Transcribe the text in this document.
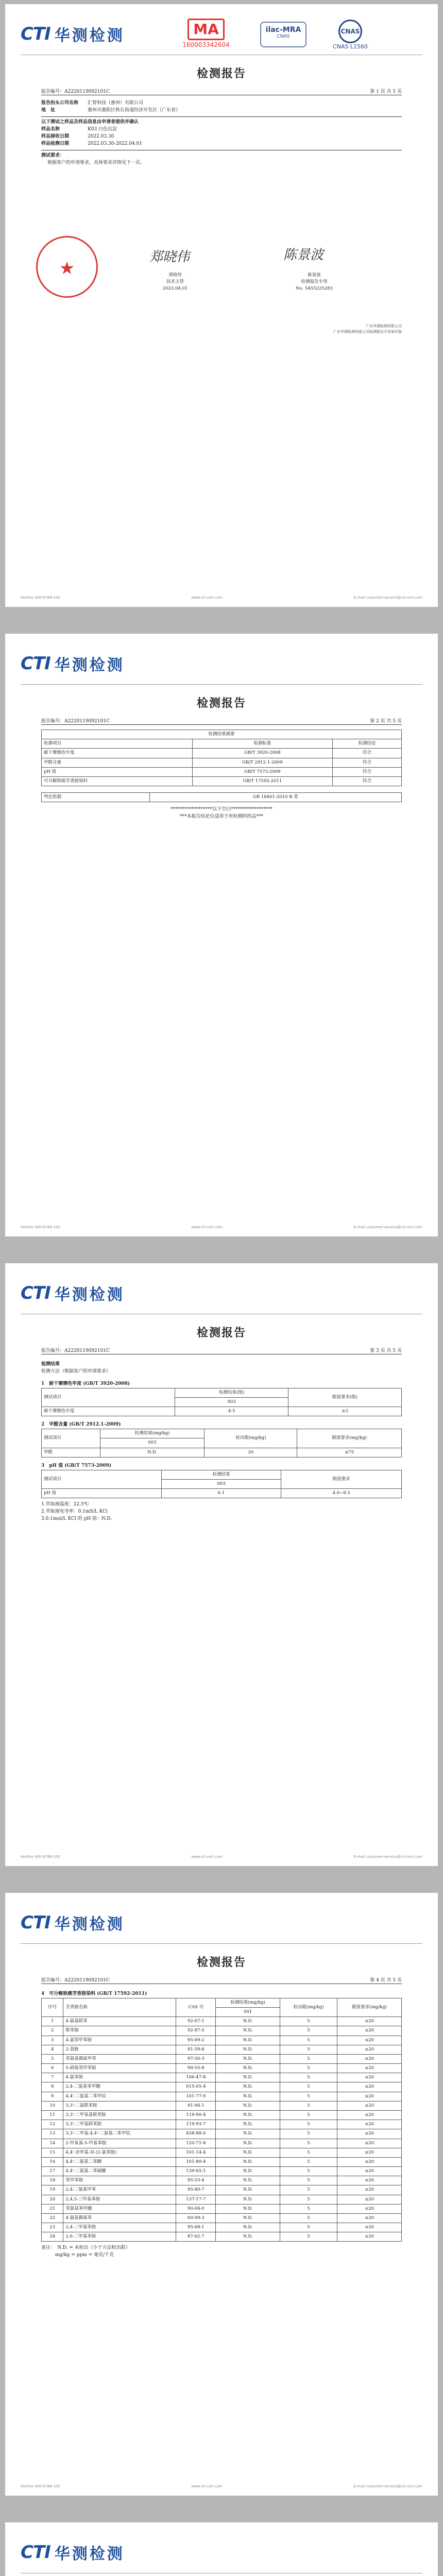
CTI 华测检测	MA
160003342604
ilac-MRA
CNAS
CNAS
CNAS L1560
检测报告
报告编号：A2220119092101C	第 1 页 共 5 页
报告抬头公司名称	汇智科技（惠州）有限公司
地　址	惠州市惠阳区秋长街道经济开发区（广东省）
以下测试之样品及样品信息由申请者提供并确认
样品名称	K03 白色沉淀
样品接收日期	2022.03.30
样品检测日期	2022.03.30-2022.04.01
测试要求：
根据客户的申请要求，具体要求详情见下一页。
★
郑晓伟	陈景波
郑晓伟
技术主管
2022.04.01
陈景波
检测报告专用
No. 5455225283
广东华测检测有限公司
广东华测检测有限公司检测报告专用章印鉴
Hotline 400-6788-333	www.cti-cert.com	E-mail customer-service@cti-cert.com
CTI 华测检测
检测报告
报告编号：A2220119092101C	第 2 页 共 5 页
检测结果摘要		
检测项目	检测标准	检测结论
耐干摩擦色牢度	GB/T 3920-2008	符合
甲醛含量	GB/T 2912.1-2009	符合
pH 值	GB/T 7573-2009	符合
可分解致癌芳香胺染料	GB/T 17592-2011	符合
判定依据	GB 18401-2010 B 类
******************以下空白******************
***本报告结论仅适用于所检测的样品***
Hotline 400-6788-333	www.cti-cert.com	E-mail customer-service@cti-cert.com
CTI 华测检测
检测报告
报告编号：A2220119092101C	第 3 页 共 5 页
检测结果
检测方法（根据客户的申请要求）
1　耐干摩擦色牢度 (GB/T 3920-2008)
测试项目	检测结果(级)	限值要求(级)
	003	
耐干摩擦色牢度	4-5	≥3
2　甲醛含量 (GB/T 2912.1-2009)
测试项目	检测结果(mg/kg)	检出限(mg/kg)	限值要求(mg/kg)
	003		
甲醛	N.D.	20	≤75
3　pH 值 (GB/T 7573-2009)
测试项目	检测结果	限值要求
	003	
pH 值	6.1	4.0~8.5
1.萃取液温度：22.5℃
2.萃取液电导率：0.1mS/L KCl
3.0.1mol/L KCl 的 pH 值：N.D.
Hotline 400-6788-333	www.cti-cert.com	E-mail customer-service@cti-cert.com
CTI 华测检测
检测报告
报告编号：A2220119092101C	第 4 页 共 5 页
4　可分解致癌芳香胺染料 (GB/T 17592-2011)
序号	芳香胺名称	CAS 号	检测结果(mg/kg)	检出限(mg/kg)	限值要求(mg/kg)
			001		
1	4-氨基联苯	92-67-1	N.D.	5	≤20
2	联苯胺	92-87-5	N.D.	5	≤20
3	4-氯邻甲苯胺	95-69-2	N.D.	5	≤20
4	2-萘胺	91-59-8	N.D.	5	≤20
5	邻氨基偶氮甲苯	97-56-3	N.D.	5	≤20
6	5-硝基邻甲苯胺	99-55-8	N.D.	5	≤20
7	4-氯苯胺	106-47-8	N.D.	5	≤20
8	2,4-二氨基苯甲醚	615-05-4	N.D.	5	≤20
9	4,4'-二氨基二苯甲烷	101-77-9	N.D.	5	≤20
10	3,3'-二氯联苯胺	91-94-1	N.D.	5	≤20
11	3,3'-二甲氧基联苯胺	119-90-4	N.D.	5	≤20
12	3,3'-二甲基联苯胺	119-93-7	N.D.	5	≤20
13	3,3'-二甲基-4,4'-二氨基二苯甲烷	838-88-0	N.D.	5	≤20
14	2-甲氧基-5-甲基苯胺	120-71-8	N.D.	5	≤20
15	4,4'-亚甲基-双-(2-氯苯胺)	101-14-4	N.D.	5	≤20
16	4,4'-二氨基二苯醚	101-80-4	N.D.	5	≤20
17	4,4'-二氨基二苯硫醚	139-65-1	N.D.	5	≤20
18	邻甲苯胺	95-53-4	N.D.	5	≤20
19	2,4-二氨基甲苯	95-80-7	N.D.	5	≤20
20	2,4,5-三甲基苯胺	137-17-7	N.D.	5	≤20
21	邻氨基苯甲醚	90-04-0	N.D.	5	≤20
22	4-氨基偶氮苯	60-09-3	N.D.	5	≤20
23	2,4-二甲基苯胺	95-68-1	N.D.	5	≤20
24	2,6-二甲基苯胺	87-62-7	N.D.	5	≤20
备注：　N.D. = 未检出（小于方法检出限）
　　　mg/kg = ppm = 毫克/千克
Hotline 400-6788-333	www.cti-cert.com	E-mail customer-service@cti-cert.com
CTI 华测检测
